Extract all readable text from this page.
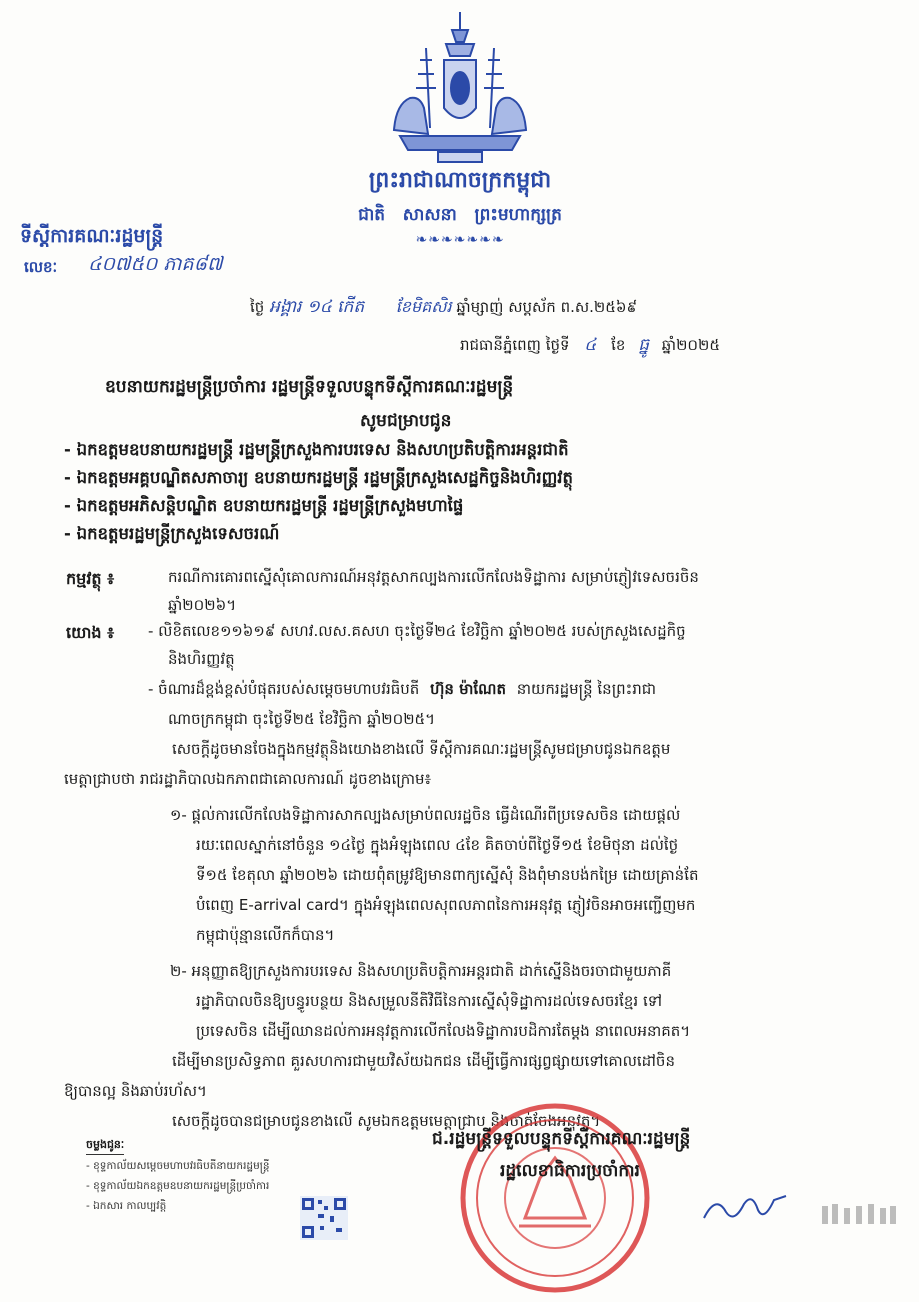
ព្រះរាជាណាចក្រកម្ពុជា
ជាតិ   សាសនា   ព្រះមហាក្សត្រ
❧❧❧❧❧❧❧
ទីស្ដីការគណៈរដ្ឋមន្ត្រី
លេខៈ ៤០៧៥០ ភាគ៨៧
ថ្ងៃ អង្គារ ១៤ កើត ខែមិគសិរ ឆ្នាំម្សាញ់ សប្តស័ក ព.ស.២៥៦៩
រាជធានីភ្នំពេញ ថ្ងៃទី ៤ ខែ ធ្នូ ឆ្នាំ២០២៥
ឧបនាយករដ្ឋមន្ត្រីប្រចាំការ រដ្ឋមន្ត្រីទទួលបន្ទុកទីស្ដីការគណៈរដ្ឋមន្ត្រី
សូមជម្រាបជូន
- ឯកឧត្តមឧបនាយករដ្ឋមន្ត្រី រដ្ឋមន្ត្រីក្រសួងការបរទេស និងសហប្រតិបត្តិការអន្តរជាតិ
- ឯកឧត្តមអគ្គបណ្ឌិតសភាចារ្យ ឧបនាយករដ្ឋមន្ត្រី រដ្ឋមន្ត្រីក្រសួងសេដ្ឋកិច្ចនិងហិរញ្ញវត្ថុ
- ឯកឧត្តមអភិសន្តិបណ្ឌិត ឧបនាយករដ្ឋមន្ត្រី រដ្ឋមន្ត្រីក្រសួងមហាផ្ទៃ
- ឯកឧត្តមរដ្ឋមន្ត្រីក្រសួងទេសចរណ៍
កម្មវត្ថុ ៖	ករណីការគោរពស្នើសុំគោលការណ៍អនុវត្តសាកល្បងការលើកលែងទិដ្ឋាការ សម្រាប់ភ្ញៀវទេសចរចិន
ឆ្នាំ២០២៦។
យោង ៖ - លិខិតលេខ១១៦១៩ សហវ.លស.គសហ ចុះថ្ងៃទី២៤ ខែវិច្ឆិកា ឆ្នាំ២០២៥ របស់ក្រសួងសេដ្ឋកិច្ច
និងហិរញ្ញវត្ថុ
- ចំណារដ៏ខ្ពង់ខ្ពស់បំផុតរបស់សម្ដេចមហាបវរធិបតី ហ៊ុន ម៉ាណែត នាយករដ្ឋមន្ត្រី នៃព្រះរាជា
ណាចក្រកម្ពុជា ចុះថ្ងៃទី២៥ ខែវិច្ឆិកា ឆ្នាំ២០២៥។
សេចក្ដីដូចមានចែងក្នុងកម្មវត្ថុនិងយោងខាងលើ ទីស្ដីការគណៈរដ្ឋមន្ត្រីសូមជម្រាបជូនឯកឧត្តម
មេត្តាជ្រាបថា រាជរដ្ឋាភិបាលឯកភាពជាគោលការណ៍ ដូចខាងក្រោម៖
១- ផ្ដល់ការលើកលែងទិដ្ឋាការសាកល្បងសម្រាប់ពលរដ្ឋចិន ធ្វើដំណើរពីប្រទេសចិន ដោយផ្ដល់
រយៈពេលស្នាក់នៅចំនួន ១៤ថ្ងៃ ក្នុងអំឡុងពេល ៤ខែ គិតចាប់ពីថ្ងៃទី១៥ ខែមិថុនា ដល់ថ្ងៃ
ទី១៥ ខែតុលា ឆ្នាំ២០២៦ ដោយពុំតម្រូវឱ្យមានពាក្យស្នើសុំ និងពុំមានបង់កម្រៃ ដោយគ្រាន់តែ
បំពេញ E-arrival card។ ក្នុងអំឡុងពេលសុពលភាពនៃការអនុវត្ត ភ្ញៀវចិនអាចអញ្ជើញមក
កម្ពុជាប៉ុន្មានលើកក៏បាន។
២- អនុញ្ញាតឱ្យក្រសួងការបរទេស និងសហប្រតិបត្តិការអន្តរជាតិ ដាក់ស្នើនិងចរចាជាមួយភាគី
រដ្ឋាភិបាលចិនឱ្យបន្ធូរបន្ថយ និងសម្រួលនីតិវិធីនៃការស្នើសុំទិដ្ឋាការដល់ទេសចរខ្មែរ ទៅ
ប្រទេសចិន ដើម្បីឈានដល់ការអនុវត្តការលើកលែងទិដ្ឋាការបដិការតែម្ដង នាពេលអនាគត។
ដើម្បីមានប្រសិទ្ធភាព គួរសហការជាមួយវិស័យឯកជន ដើម្បីធ្វើការផ្សព្វផ្សាយទៅគោលដៅចិន
ឱ្យបានល្អ និងឆាប់រហ័ស។
សេចក្ដីដូចបានជម្រាបជូនខាងលើ សូមឯកឧត្តមមេត្តាជ្រាប និងចាត់ចែងអនុវត្ត។
ជ.រដ្ឋមន្ត្រីទទួលបន្ទុកទីស្ដីការគណៈរដ្ឋមន្ត្រី
រដ្ឋលេខាធិការប្រចាំការ
ចម្លងជូនៈ
- ខុទ្ទកាល័យសម្ដេចមហាបវរធិបតីនាយករដ្ឋមន្ត្រី
- ខុទ្ទកាល័យឯកឧត្តមឧបនាយករដ្ឋមន្ត្រីប្រចាំការ
- ឯកសារ កាលប្បវត្តិ
